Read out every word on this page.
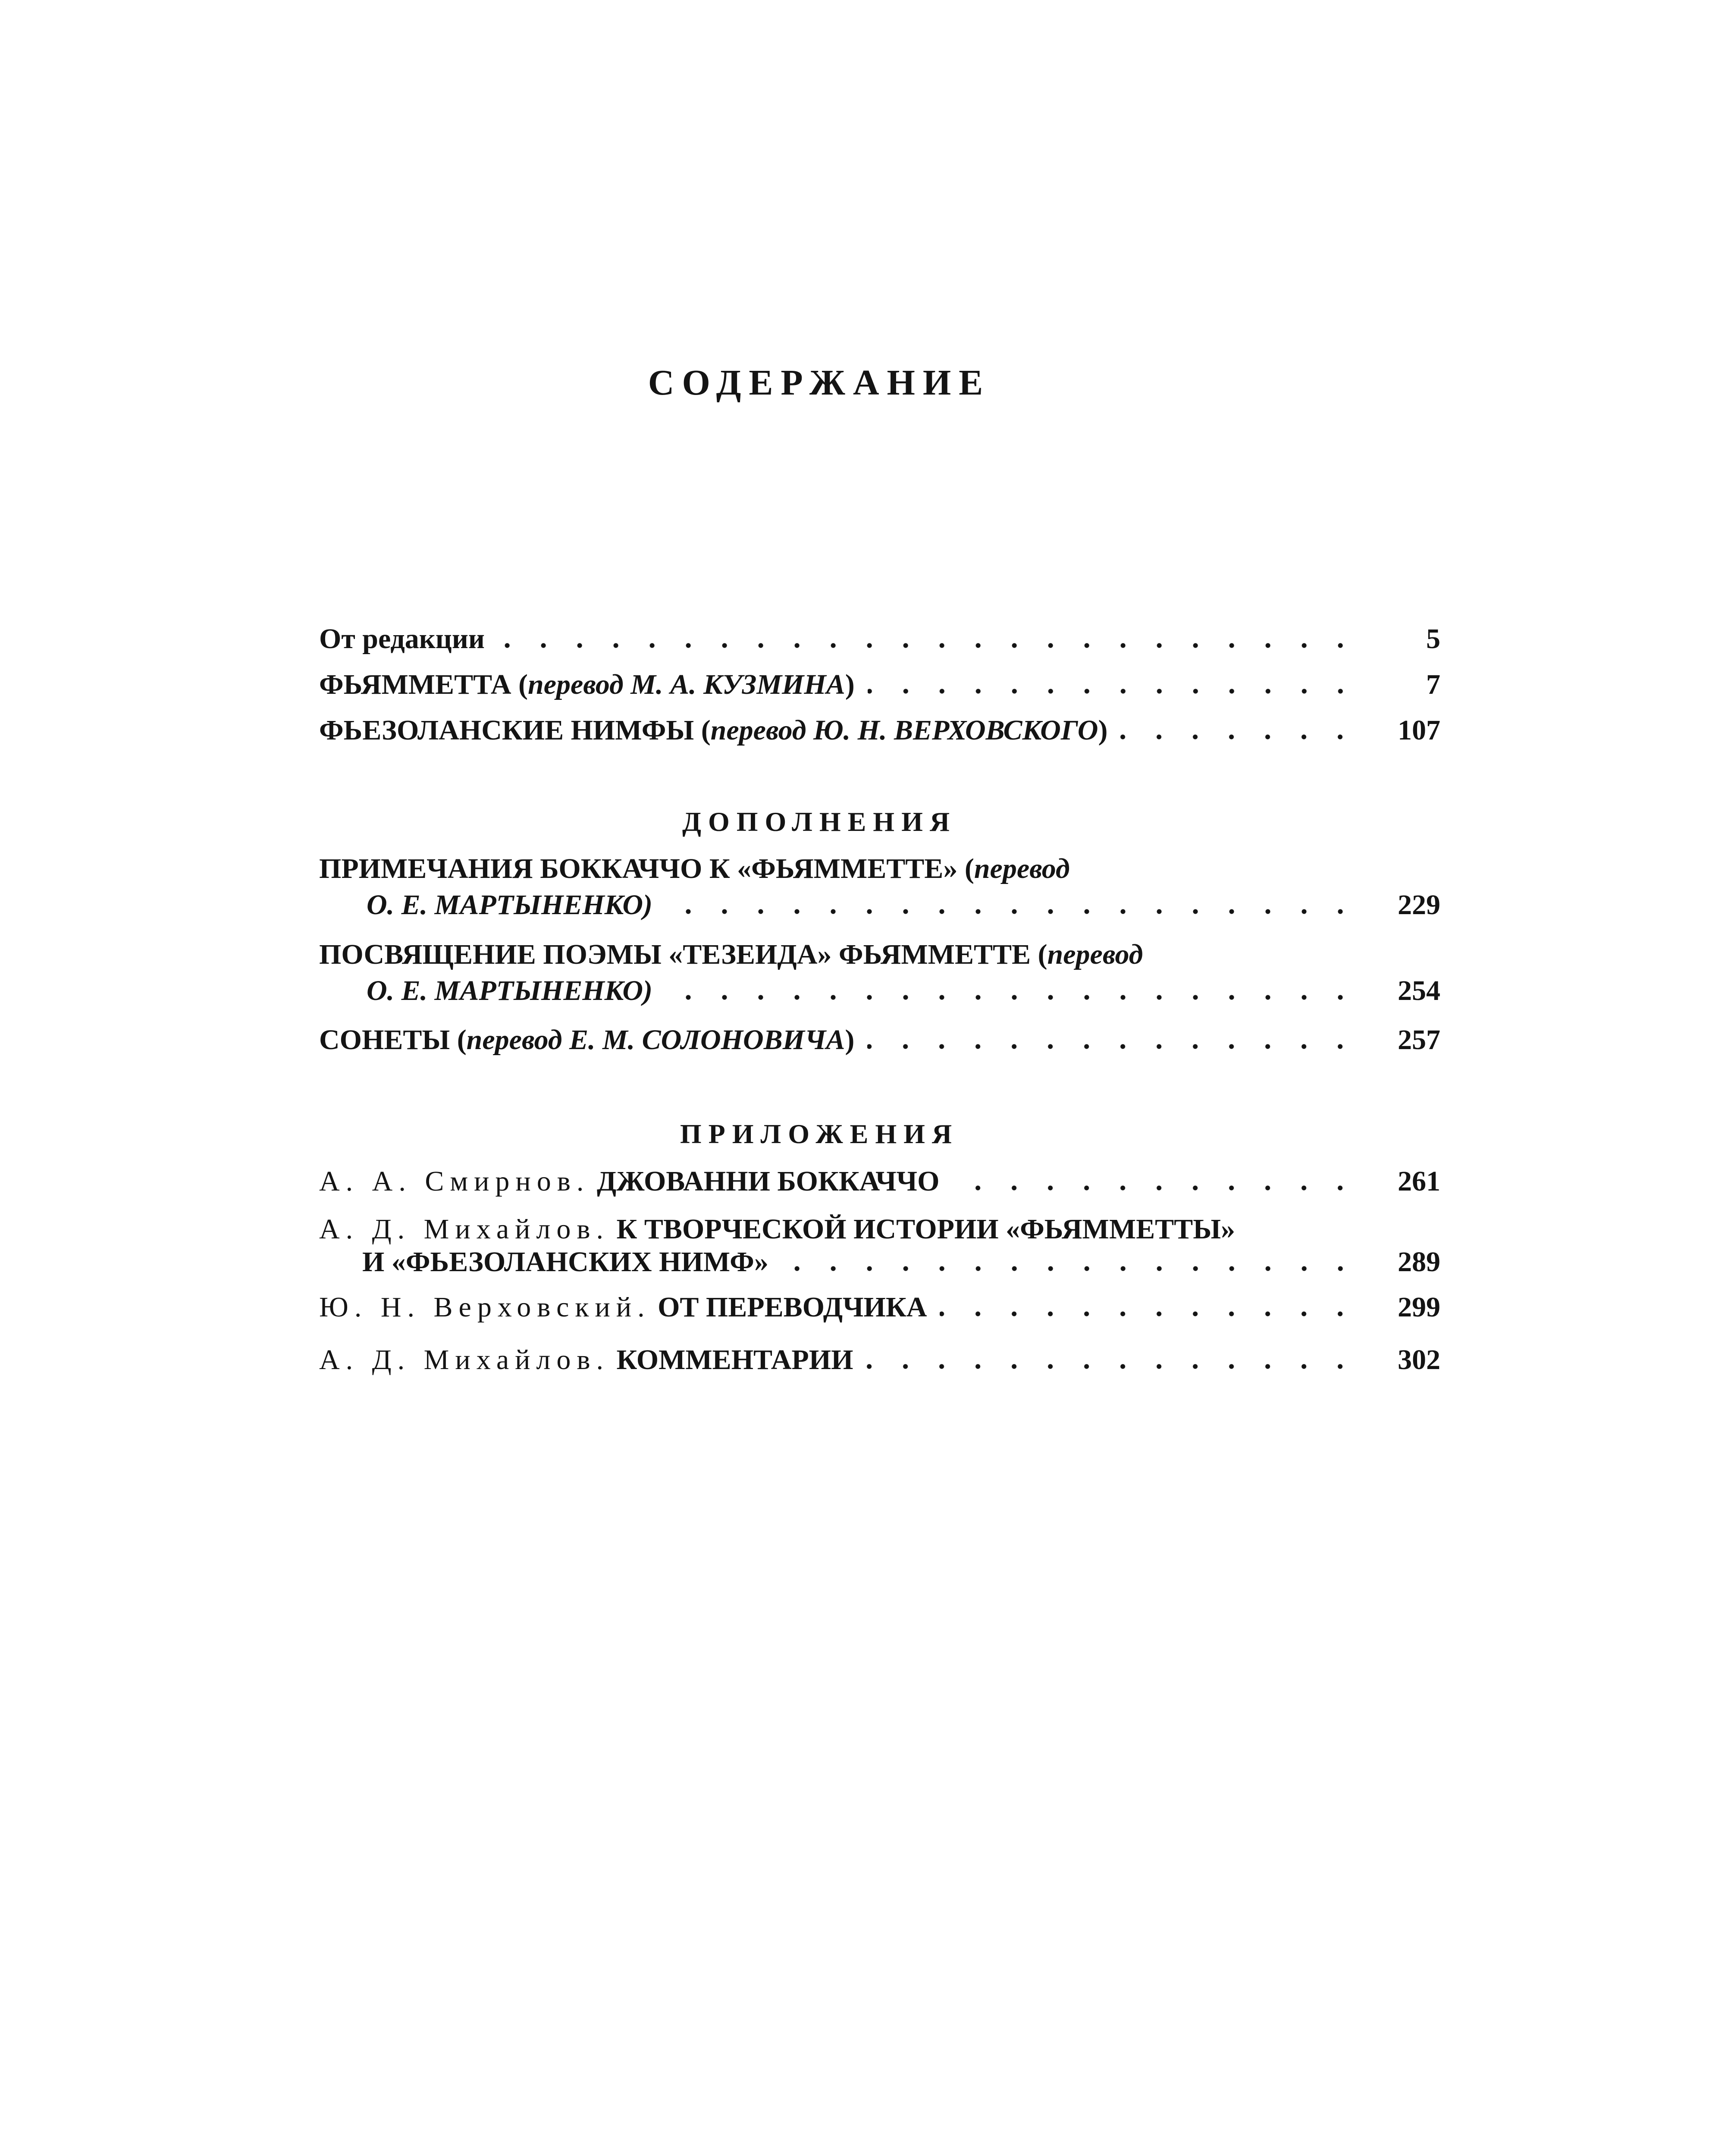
СОДЕРЖАНИЕ
От редакции	5
ФЬЯММЕТТА (перевод М. А. КУЗМИНА)	7
ФЬЕЗОЛАНСКИЕ НИМФЫ (перевод Ю. Н. ВЕРХОВСКОГО)	107
ПРИМЕЧАНИЯ БОККАЧЧО К «ФЬЯММЕТТЕ» (перевод
О. Е. МАРТЫНЕНКО)	229
ПОСВЯЩЕНИЕ ПОЭМЫ «ТЕЗЕИДА» ФЬЯММЕТТЕ (перевод
О. Е. МАРТЫНЕНКО)	254
СОНЕТЫ (перевод Е. М. СОЛОНОВИЧА)	257
А. А. Смирнов. ДЖОВАННИ БОККАЧЧО	261
А. Д. Михайлов. К ТВОРЧЕСКОЙ ИСТОРИИ «ФЬЯММЕТТЫ»
И «ФЬЕЗОЛАНСКИХ НИМФ»	289
Ю. Н. Верховский. ОТ ПЕРЕВОДЧИКА	299
А. Д. Михайлов. КОММЕНТАРИИ	302
ДОПОЛНЕНИЯ
ПРИЛОЖЕНИЯ
